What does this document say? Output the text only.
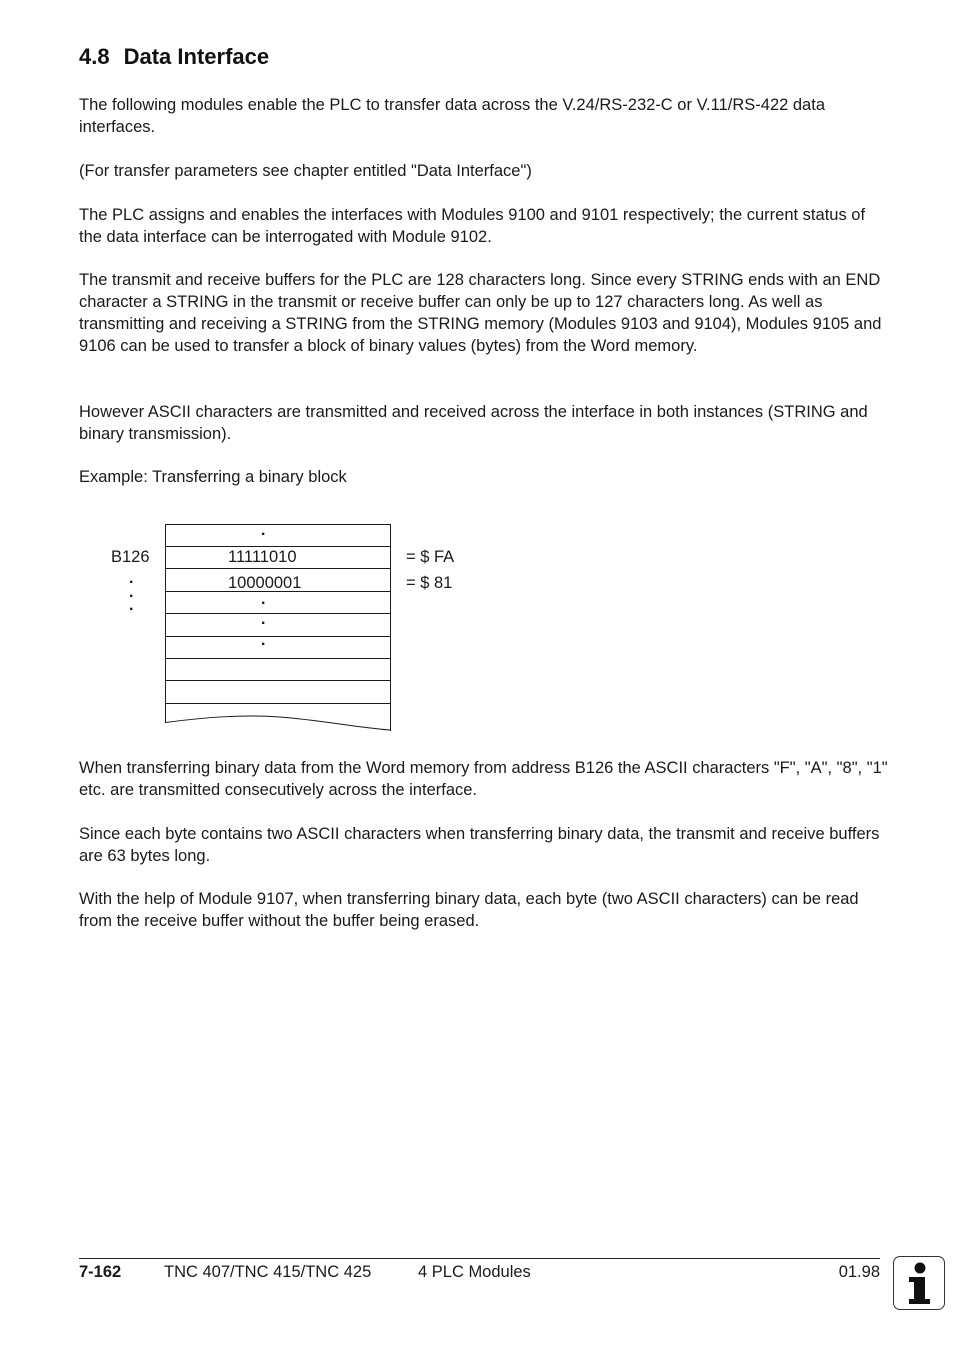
4.8 Data Interface

The following modules enable the PLC to transfer data across the V.24/RS-232-C or V.11/RS-422 data interfaces.

(For transfer parameters see chapter entitled "Data Interface")

The PLC assigns and enables the interfaces with Modules 9100 and 9101 respectively; the current status of the data interface can be interrogated with Module 9102.

The transmit and receive buffers for the PLC are 128 characters long. Since every STRING ends with an END character a STRING in the transmit or receive buffer can only be up to 127 characters long. As well as transmitting and receiving a STRING from the STRING memory (Modules 9103 and 9104), Modules 9105 and 9106 can be used to transfer a block of binary values (bytes) from the Word memory.

However ASCII characters are transmitted and received across the interface in both instances (STRING and binary transmission).

Example: Transferring a binary block

.
B126	11111010	= $ FA
10000001	= $ 81
.
.
.	.
.
.

When transferring binary data from the Word memory from address B126 the ASCII characters "F", "A", "8", "1" etc. are transmitted consecutively across the interface.

Since each byte contains two ASCII characters when transferring binary data, the transmit and receive buffers are 63 bytes long.

With the help of Module 9107, when transferring binary data, each byte (two ASCII characters) can be read from the receive buffer without the buffer being erased.

7-162	TNC 407/TNC 415/TNC 425	4 PLC Modules	01.98
